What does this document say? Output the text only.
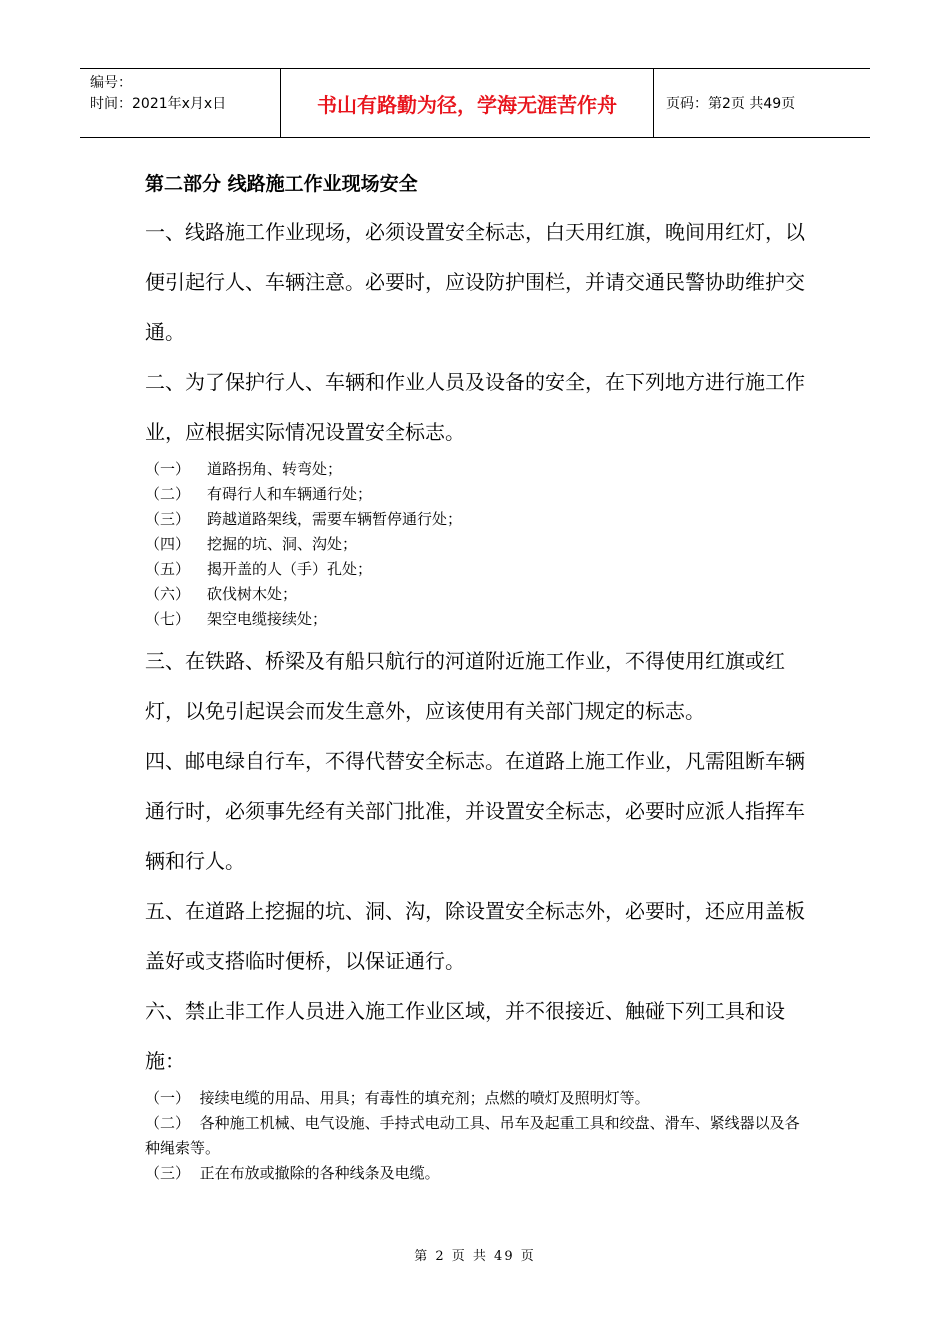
编号：
时间：2021年x月x日	书山有路勤为径，学海无涯苦作舟	页码：第2页 共49页
第二部分 线路施工作业现场安全

一、线路施工作业现场，必须设置安全标志，白天用红旗，晚间用红灯，以便引起行人、车辆注意。必要时，应设防护围栏，并请交通民警协助维护交通。

二、为了保护行人、车辆和作业人员及设备的安全，在下列地方进行施工作业，应根据实际情况设置安全标志。

（一） 道路拐角、转弯处；

（二） 有碍行人和车辆通行处；

（三） 跨越道路架线，需要车辆暂停通行处；

（四） 挖掘的坑、洞、沟处；

（五） 揭开盖的人（手）孔处；

（六） 砍伐树木处；

（七） 架空电缆接续处；

三、在铁路、桥梁及有船只航行的河道附近施工作业，不得使用红旗或红灯，以免引起误会而发生意外，应该使用有关部门规定的标志。

四、邮电绿自行车，不得代替安全标志。在道路上施工作业，凡需阻断车辆通行时，必须事先经有关部门批准，并设置安全标志，必要时应派人指挥车辆和行人。

五、在道路上挖掘的坑、洞、沟，除设置安全标志外，必要时，还应用盖板盖好或支搭临时便桥，以保证通行。

六、禁止非工作人员进入施工作业区域，并不很接近、触碰下列工具和设施：

（一） 接续电缆的用品、用具；有毒性的填充剂；点燃的喷灯及照明灯等。

（二） 各种施工机械、电气设施、手持式电动工具、吊车及起重工具和绞盘、滑车、紧线器以及各种绳索等。

（三） 正在布放或撤除的各种线条及电缆。

第 2 页 共 49 页
